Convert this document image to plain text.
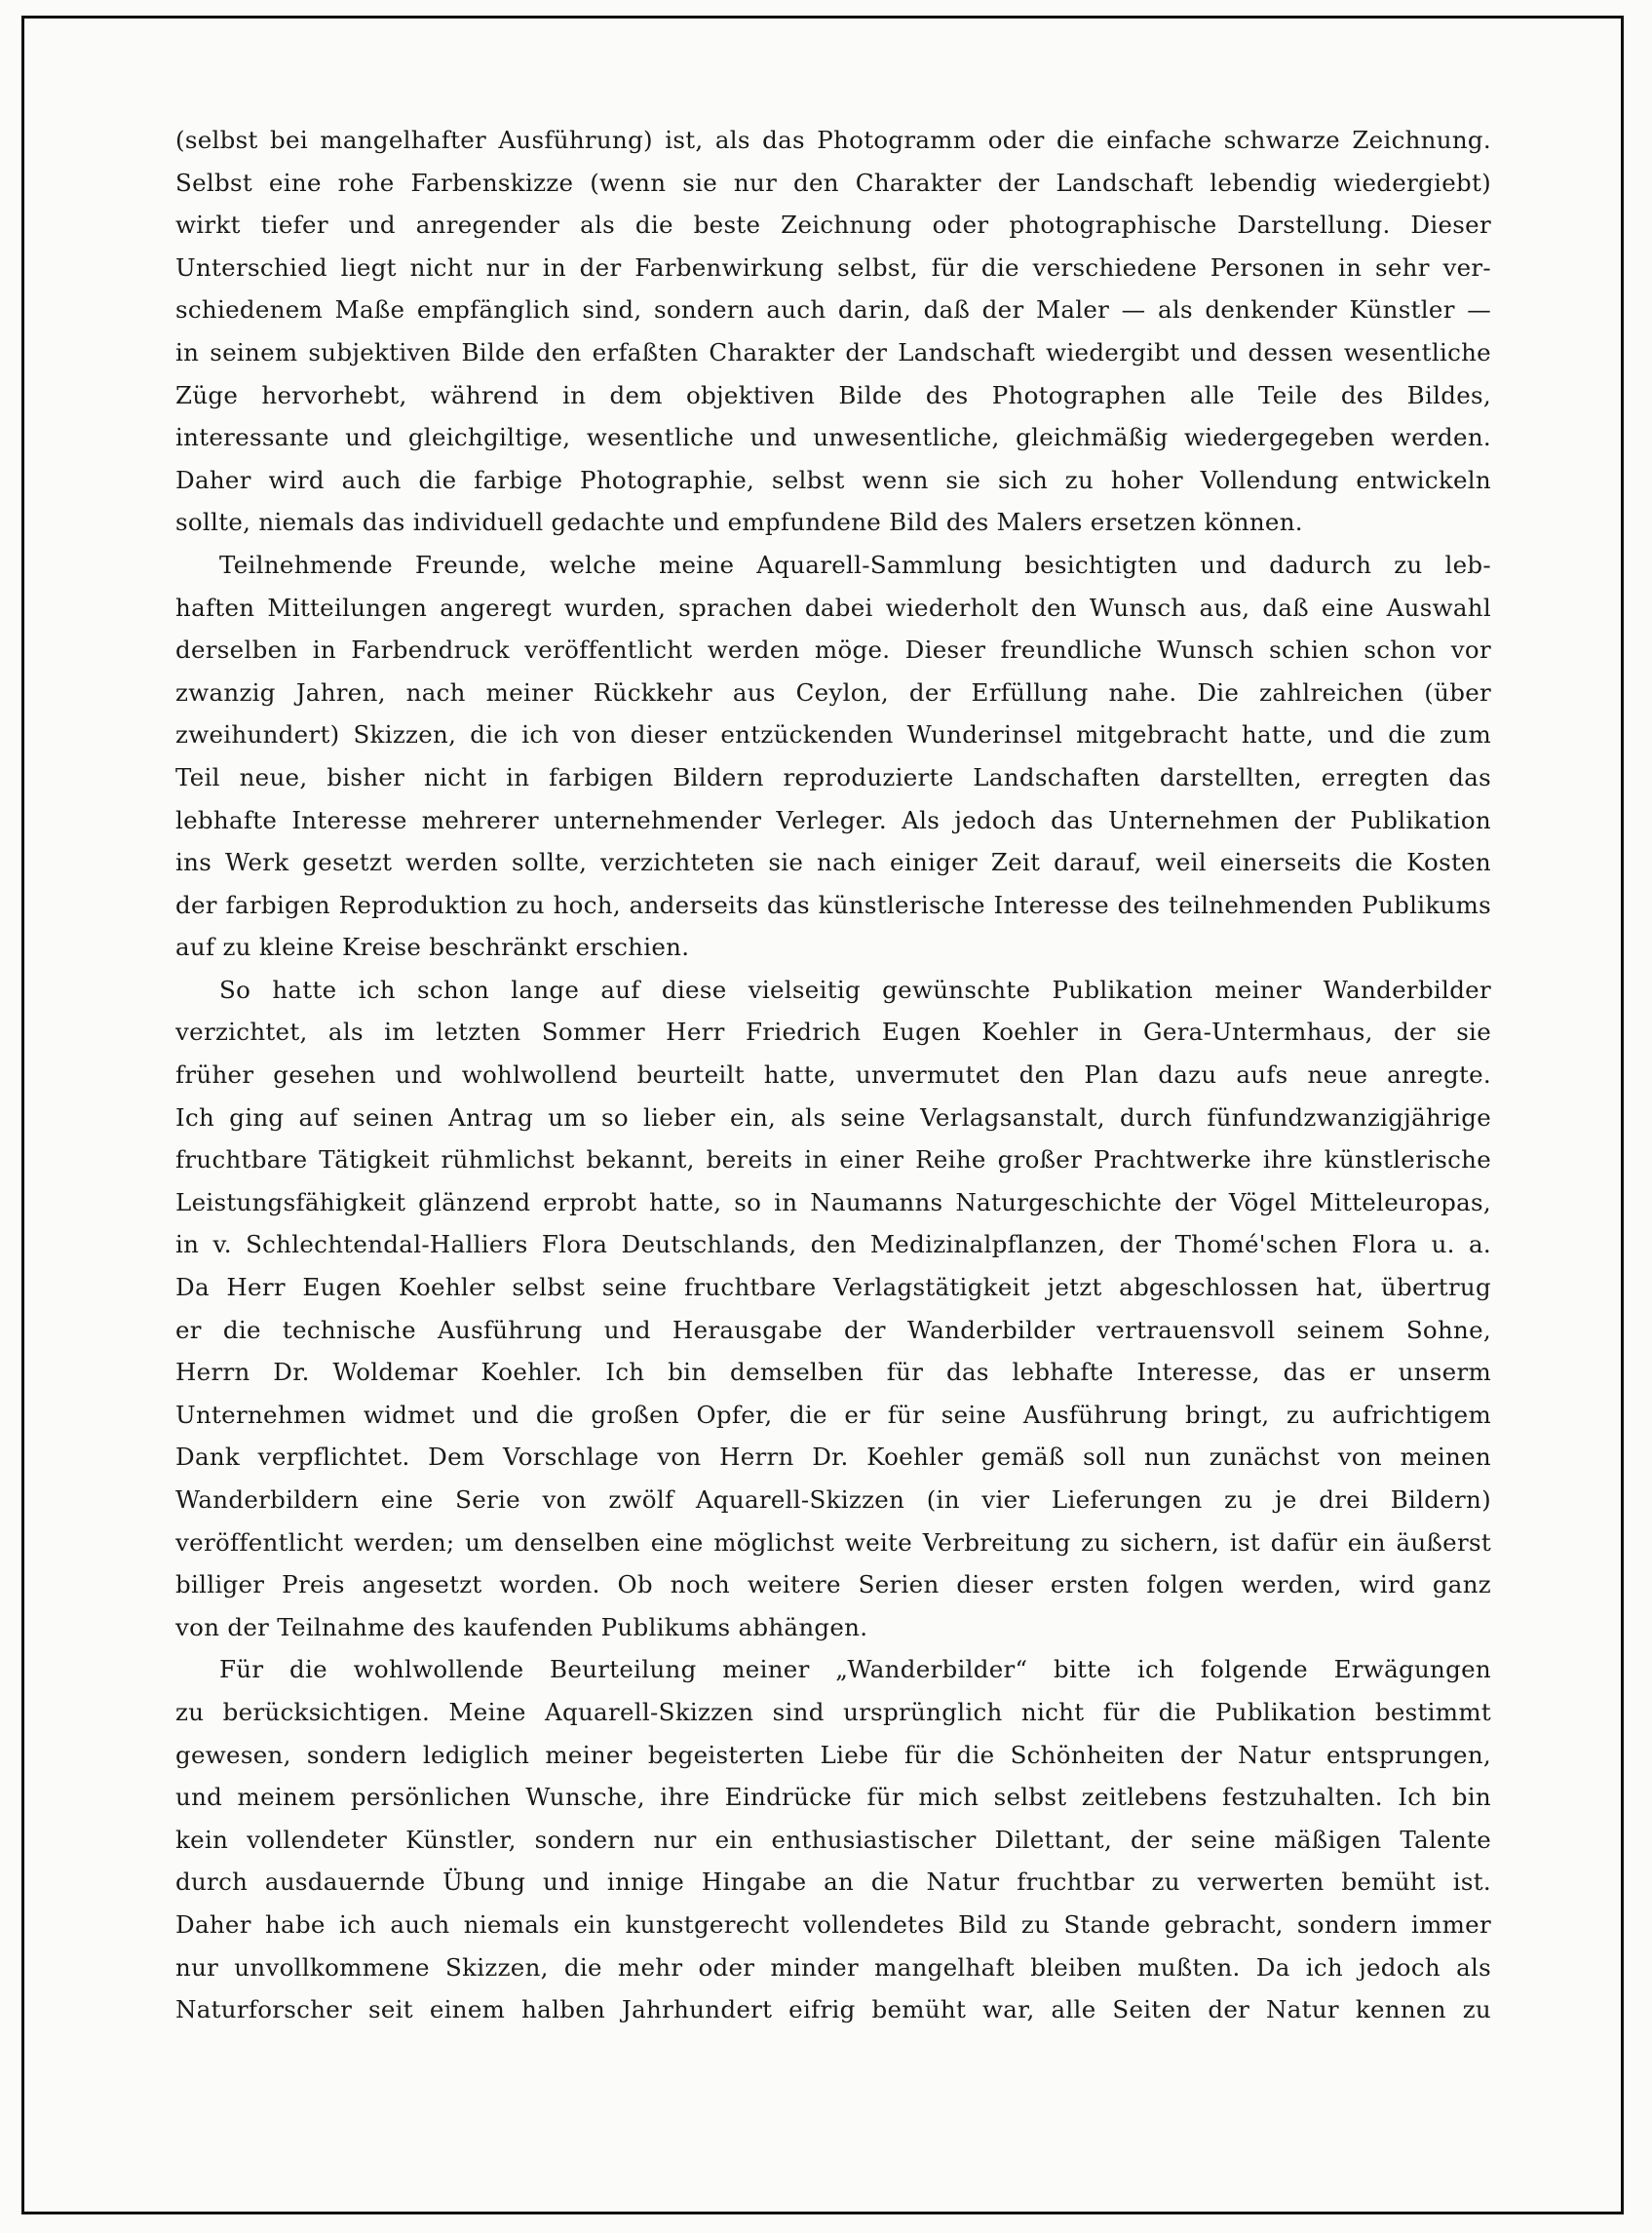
(selbst bei mangelhafter Ausführung) ist, als das Photogramm oder die einfache schwarze Zeichnung.
Selbst eine rohe Farbenskizze (wenn sie nur den Charakter der Landschaft lebendig wiedergiebt)
wirkt tiefer und anregender als die beste Zeichnung oder photographische Darstellung. Dieser
Unterschied liegt nicht nur in der Farbenwirkung selbst, für die verschiedene Personen in sehr ver-
schiedenem Maße empfänglich sind, sondern auch darin, daß der Maler — als denkender Künstler —
in seinem subjektiven Bilde den erfaßten Charakter der Landschaft wiedergibt und dessen wesentliche
Züge hervorhebt, während in dem objektiven Bilde des Photographen alle Teile des Bildes,
interessante und gleichgiltige, wesentliche und unwesentliche, gleichmäßig wiedergegeben werden.
Daher wird auch die farbige Photographie, selbst wenn sie sich zu hoher Vollendung entwickeln
sollte, niemals das individuell gedachte und empfundene Bild des Malers ersetzen können.
Teilnehmende Freunde, welche meine Aquarell-Sammlung besichtigten und dadurch zu leb-
haften Mitteilungen angeregt wurden, sprachen dabei wiederholt den Wunsch aus, daß eine Auswahl
derselben in Farbendruck veröffentlicht werden möge. Dieser freundliche Wunsch schien schon vor
zwanzig Jahren, nach meiner Rückkehr aus Ceylon, der Erfüllung nahe. Die zahlreichen (über
zweihundert) Skizzen, die ich von dieser entzückenden Wunderinsel mitgebracht hatte, und die zum
Teil neue, bisher nicht in farbigen Bildern reproduzierte Landschaften darstellten, erregten das
lebhafte Interesse mehrerer unternehmender Verleger. Als jedoch das Unternehmen der Publikation
ins Werk gesetzt werden sollte, verzichteten sie nach einiger Zeit darauf, weil einerseits die Kosten
der farbigen Reproduktion zu hoch, anderseits das künstlerische Interesse des teilnehmenden Publikums
auf zu kleine Kreise beschränkt erschien.
So hatte ich schon lange auf diese vielseitig gewünschte Publikation meiner Wanderbilder
verzichtet, als im letzten Sommer Herr Friedrich Eugen Koehler in Gera-Untermhaus, der sie
früher gesehen und wohlwollend beurteilt hatte, unvermutet den Plan dazu aufs neue anregte.
Ich ging auf seinen Antrag um so lieber ein, als seine Verlagsanstalt, durch fünfundzwanzigjährige
fruchtbare Tätigkeit rühmlichst bekannt, bereits in einer Reihe großer Prachtwerke ihre künstlerische
Leistungsfähigkeit glänzend erprobt hatte, so in Naumanns Naturgeschichte der Vögel Mitteleuropas,
in v. Schlechtendal-Halliers Flora Deutschlands, den Medizinalpflanzen, der Thomé'schen Flora u. a.
Da Herr Eugen Koehler selbst seine fruchtbare Verlagstätigkeit jetzt abgeschlossen hat, übertrug
er die technische Ausführung und Herausgabe der Wanderbilder vertrauensvoll seinem Sohne,
Herrn Dr. Woldemar Koehler. Ich bin demselben für das lebhafte Interesse, das er unserm
Unternehmen widmet und die großen Opfer, die er für seine Ausführung bringt, zu aufrichtigem
Dank verpflichtet. Dem Vorschlage von Herrn Dr. Koehler gemäß soll nun zunächst von meinen
Wanderbildern eine Serie von zwölf Aquarell-Skizzen (in vier Lieferungen zu je drei Bildern)
veröffentlicht werden; um denselben eine möglichst weite Verbreitung zu sichern, ist dafür ein äußerst
billiger Preis angesetzt worden. Ob noch weitere Serien dieser ersten folgen werden, wird ganz
von der Teilnahme des kaufenden Publikums abhängen.
Für die wohlwollende Beurteilung meiner „Wanderbilder“ bitte ich folgende Erwägungen
zu berücksichtigen. Meine Aquarell-Skizzen sind ursprünglich nicht für die Publikation bestimmt
gewesen, sondern lediglich meiner begeisterten Liebe für die Schönheiten der Natur entsprungen,
und meinem persönlichen Wunsche, ihre Eindrücke für mich selbst zeitlebens festzuhalten. Ich bin
kein vollendeter Künstler, sondern nur ein enthusiastischer Dilettant, der seine mäßigen Talente
durch ausdauernde Übung und innige Hingabe an die Natur fruchtbar zu verwerten bemüht ist.
Daher habe ich auch niemals ein kunstgerecht vollendetes Bild zu Stande gebracht, sondern immer
nur unvollkommene Skizzen, die mehr oder minder mangelhaft bleiben mußten. Da ich jedoch als
Naturforscher seit einem halben Jahrhundert eifrig bemüht war, alle Seiten der Natur kennen zu
